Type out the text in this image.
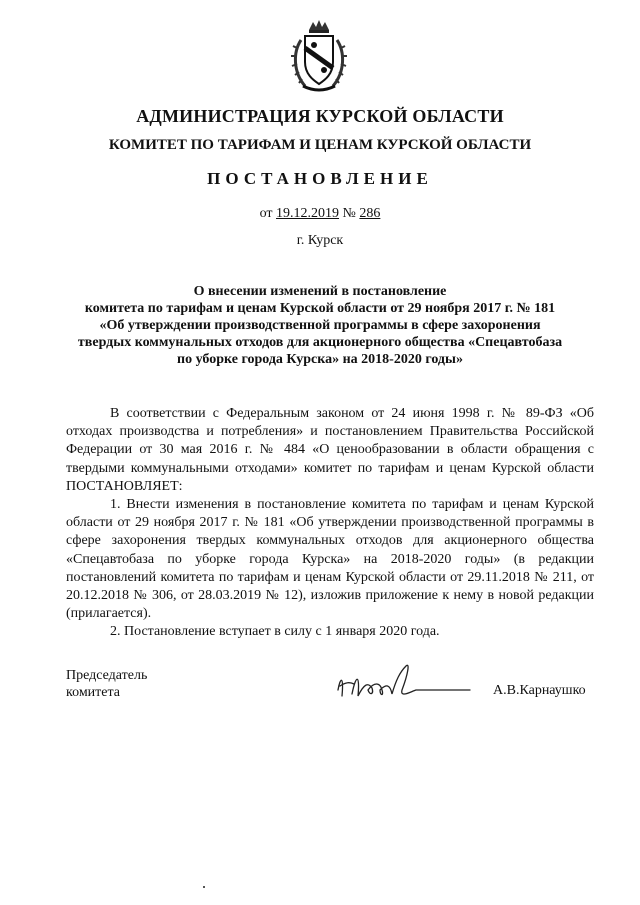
АДМИНИСТРАЦИЯ КУРСКОЙ ОБЛАСТИ
КОМИТЕТ ПО ТАРИФАМ И ЦЕНАМ КУРСКОЙ ОБЛАСТИ
ПОСТАНОВЛЕНИЕ
от 19.12.2019 № 286
г. Курск
О внесении изменений в постановление
комитета по тарифам и ценам Курской области от 29 ноября 2017 г. № 181
«Об утверждении производственной программы в сфере захоронения
твердых коммунальных отходов для акционерного общества «Спецавтобаза
по уборке города Курска» на 2018-2020 годы»

В соответствии с Федеральным законом от 24 июня 1998 г. № 89-ФЗ «Об отходах производства и потребления» и постановлением Правительства Российской Федерации от 30 мая 2016 г. № 484 «О ценообразовании в области обращения с твердыми коммунальными отходами» комитет по тарифам и ценам Курской области ПОСТАНОВЛЯЕТ:

1. Внести изменения в постановление комитета по тарифам и ценам Курской области от 29 ноября 2017 г. № 181 «Об утверждении производственной программы в сфере захоронения твердых коммунальных отходов для акционерного общества «Спецавтобаза по уборке города Курска» на 2018-2020 годы» (в редакции постановлений комитета по тарифам и ценам Курской области от 29.11.2018 № 211, от 20.12.2018 № 306, от 28.03.2019 № 12), изложив приложение к нему в новой редакции (прилагается).

2. Постановление вступает в силу с 1 января 2020 года.

Председатель
комитета	А.В.Карнаушко
